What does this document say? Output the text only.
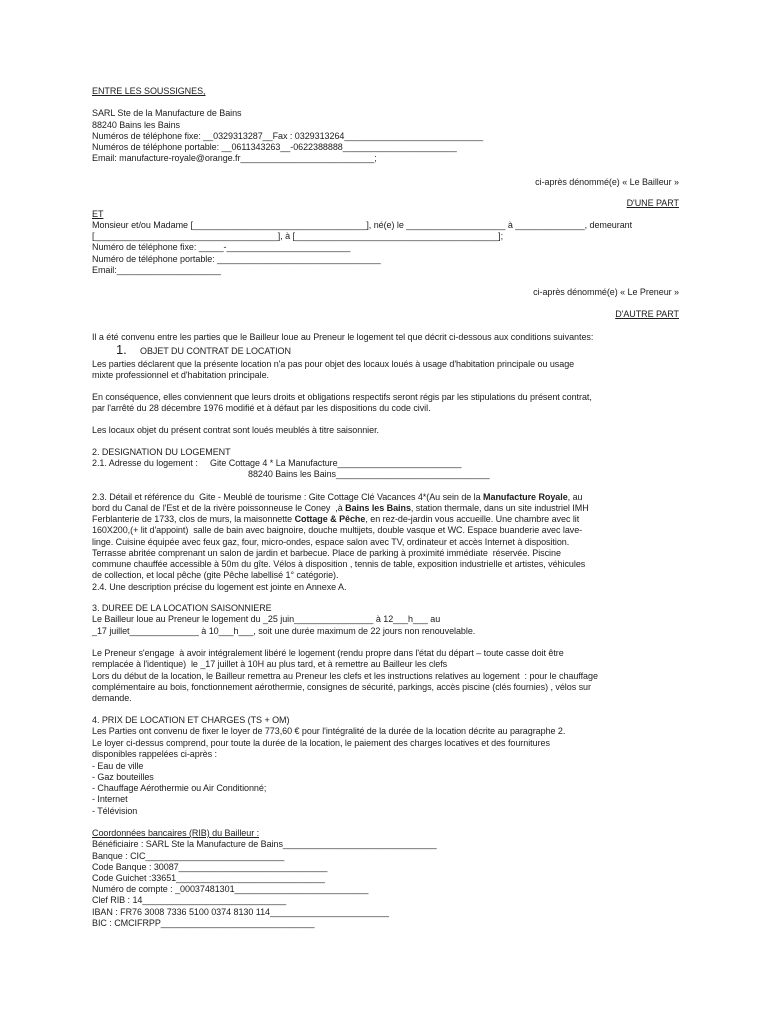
ENTRE LES SOUSSIGNES,
SARL Ste de la Manufacture de Bains
88240 Bains les Bains
Numéros de téléphone fixe: __0329313287__Fax : 0329313264____________________________
Numéros de téléphone portable: __0611343263__-0622388888_______________________
Email: manufacture-royale@orange.fr___________________________;
ci-après dénommé(e) « Le Bailleur »
D'UNE PART
ET
Monsieur et/ou Madame [___________________________________], né(e) le ____________________ à ______________, demeurant
[_____________________________________], à [_________________________________________];
Numéro de téléphone fixe: _____-_________________________
Numéro de téléphone portable: _________________________________
Email:_____________________
ci-après dénommé(e) « Le Preneur »
D'AUTRE PART
Il a été convenu entre les parties que le Bailleur loue au Preneur le logement tel que décrit ci-dessous aux conditions suivantes:
1. OBJET DU CONTRAT DE LOCATION
Les parties déclarent que la présente location n'a pas pour objet des locaux loués à usage d'habitation principale ou usage
mixte professionnel et d'habitation principale.
En conséquence, elles conviennent que leurs droits et obligations respectifs seront régis par les stipulations du présent contrat,
par l'arrêté du 28 décembre 1976 modifié et à défaut par les dispositions du code civil.
Les locaux objet du présent contrat sont loués meublés à titre saisonnier.
2. DESIGNATION DU LOGEMENT
2.1. Adresse du logement :     Gite Cottage 4 * La Manufacture_________________________
88240 Bains les Bains_______________________________
2.3. Détail et référence du  Gite - Meublé de tourisme : Gite Cottage Clé Vacances 4*(Au sein de la Manufacture Royale, au
bord du Canal de l'Est et de la rivère poissonneuse le Coney  ,à Bains les Bains, station thermale, dans un site industriel IMH
Ferblanterie de 1733, clos de murs, la maisonnette Cottage & Pêche, en rez-de-jardin vous accueille. Une chambre avec lit
160X200,(+ lit d'appoint)  salle de bain avec baignoire, douche multijets, double vasque et WC. Espace buanderie avec lave-
linge. Cuisine équipée avec feux gaz, four, micro-ondes, espace salon avec TV, ordinateur et accès Internet à disposition.
Terrasse abritée comprenant un salon de jardin et barbecue. Place de parking à proximité immédiate  réservée. Piscine
commune chauffée accessible à 50m du gîte. Vélos à disposition , tennis de table, exposition industrielle et artistes, véhicules
de collection, et local pêche (gite Pêche labellisé 1° catégorie).
2.4. Une description précise du logement est jointe en Annexe A.
3. DUREE DE LA LOCATION SAISONNIERE
Le Bailleur loue au Preneur le logement du _25 juin________________ à 12___h___ au
_17 juillet______________ à 10___h___, soit une durée maximum de 22 jours non renouvelable.
Le Preneur s'engage  à avoir intégralement libéré le logement (rendu propre dans l'état du départ – toute casse doit être
remplacée à l'identique)  le _17 juillet à 10H au plus tard, et à remettre au Bailleur les clefs
Lors du début de la location, le Bailleur remettra au Preneur les clefs et les instructions relatives au logement  : pour le chauffage
complémentaire au bois, fonctionnement aérothermie, consignes de sécurité, parkings, accès piscine (clés fournies) , vélos sur
demande.
4. PRIX DE LOCATION ET CHARGES (TS + OM)
Les Parties ont convenu de fixer le loyer de 773,60 € pour l'intégralité de la durée de la location décrite au paragraphe 2.
Le loyer ci-dessus comprend, pour toute la durée de la location, le paiement des charges locatives et des fournitures
disponibles rappelées ci-après :
- Eau de ville
- Gaz bouteilles
- Chauffage Aérothermie ou Air Conditionné;
- Internet
- Télévision
Coordonnées bancaires (RIB) du Bailleur :
Bénéficiaire : SARL Ste la Manufacture de Bains_______________________________
Banque : CIC____________________________
Code Banque : 30087______________________________
Code Guichet :33651______________________________
Numéro de compte : _00037481301___________________________
Clef RIB : 14_____________________________
IBAN : FR76 3008 7336 5100 0374 8130 114________________________
BIC : CMCIFRPP_______________________________
